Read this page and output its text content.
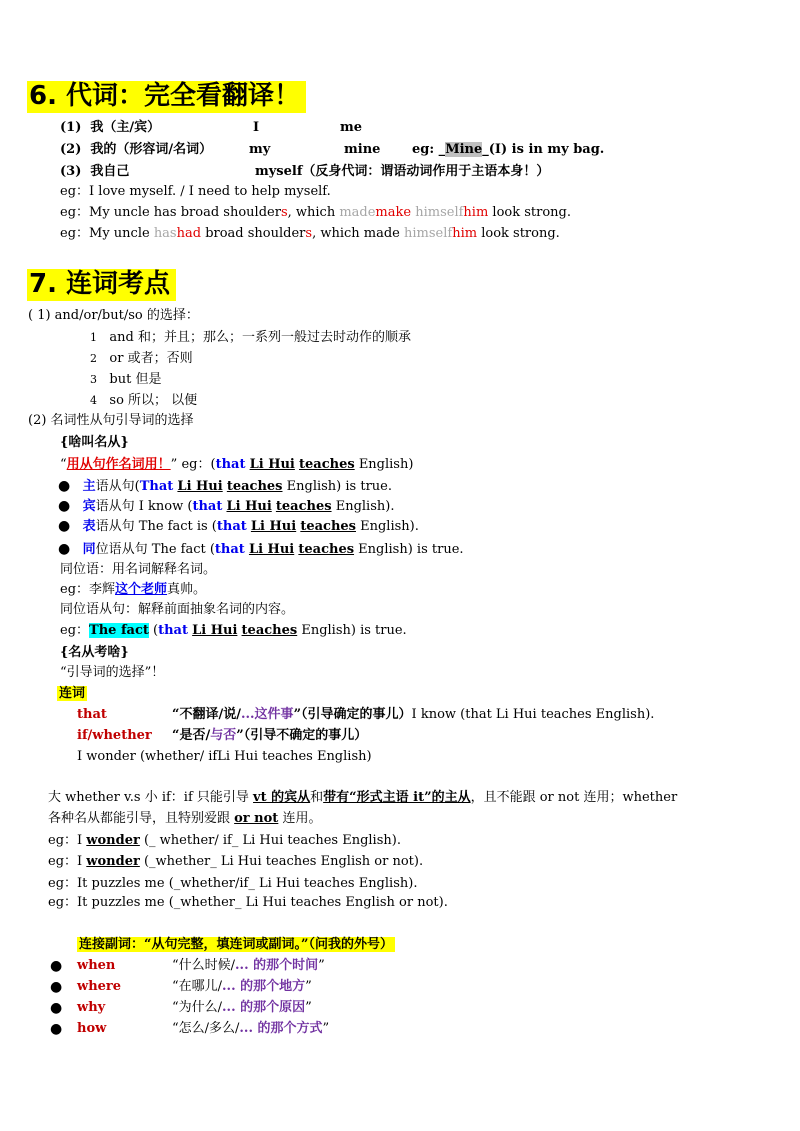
6. 代词：完全看翻译！
(1) 我（主/宾）	I	me
(2) 我的（形容词/名词）	my	mine eg: _Mine_(I) is in my bag.
(3) 我自己	myself（反身代词：谓语动词作用于主语本身！）
eg：I love myself. / I need to help myself.
eg：My uncle has broad shoulders, which mademake himselfhim look strong.
eg：My uncle hashad broad shoulders, which made himselfhim look strong.
7. 连词考点
( 1) and/or/but/so 的选择：
1 and 和；并且；那么；一系列一般过去时动作的顺承
2 or 或者；否则
3 but 但是
4 so 所以； 以便
(2) 名词性从句引导词的选择
{啥叫名从}
“用从句作名词用！” eg：(that Li Hui teaches English)
● 主语从句(That Li Hui teaches English) is true.
● 宾语从句 I know (that Li Hui teaches English).
● 表语从句 The fact is (that Li Hui teaches English).
● 同位语从句 The fact (that Li Hui teaches English) is true.
同位语：用名词解释名词。
eg：李辉这个老师真帅。
同位语从句：解释前面抽象名词的内容。
eg：The fact (that Li Hui teaches English) is true.
{名从考啥}
“引导词的选择”！
连词
that	“不翻译/说/...这件事”（引导确定的事儿）I know (that Li Hui teaches English).
if/whether “是否/与否”（引导不确定的事儿）
I wonder (whether/ ifLi Hui teaches English)
大 whether v.s 小 if：if 只能引导 vt 的宾从和带有“形式主语 it”的主从，且不能跟 or not 连用；whether
各种名从都能引导，且特别爱跟 or not 连用。
eg：I wonder (_ whether/ if_ Li Hui teaches English).
eg：I wonder (_whether_ Li Hui teaches English or not).
eg：It puzzles me (_whether/if_ Li Hui teaches English).
eg：It puzzles me (_whether_ Li Hui teaches English or not).
连接副词：“从句完整，填连词或副词。”（问我的外号）
● when	“什么时候/... 的那个时间”
● where	“在哪儿/... 的那个地方”
● why	“为什么/... 的那个原因”
● how	“怎么/多么/... 的那个方式”
